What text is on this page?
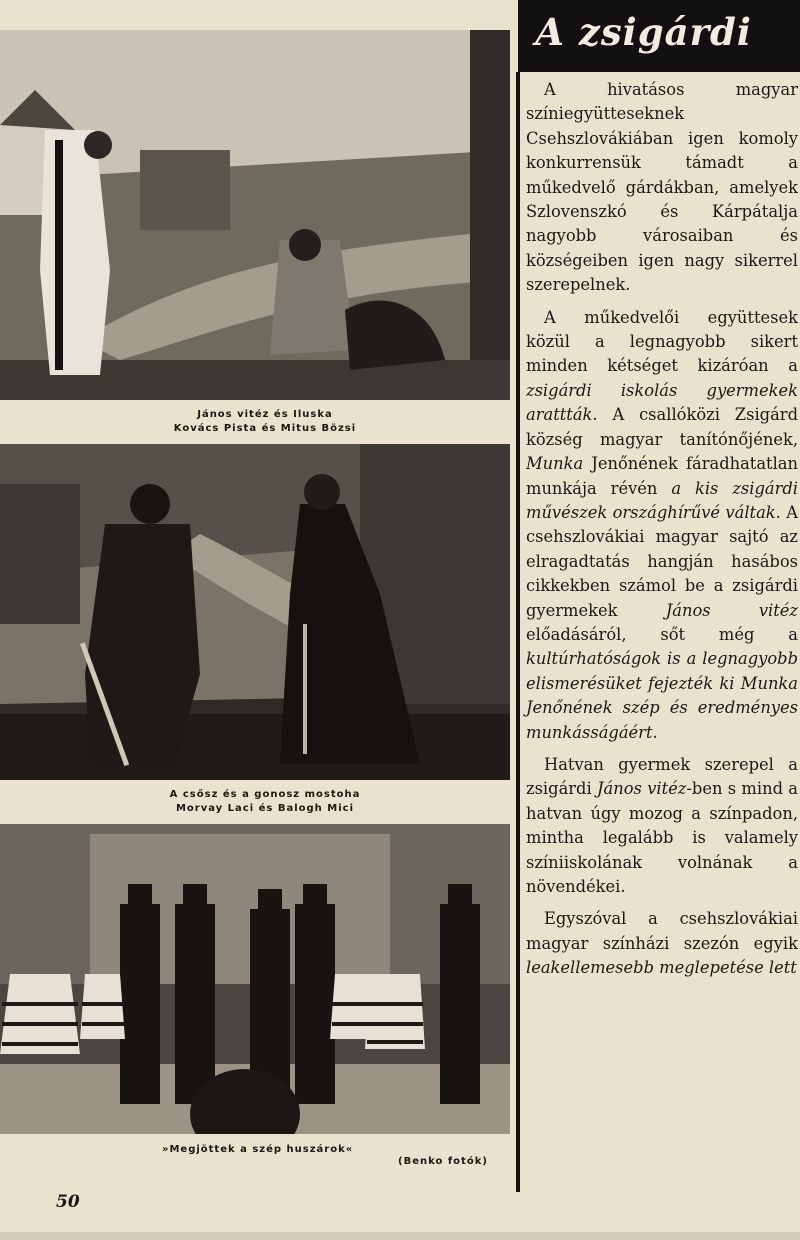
János vitéz és Iluska
Kovács Pista és Mitus Bözsi
A csősz és a gonosz mostoha
Morvay Laci és Balogh Mici
»Megjöttek a szép huszárok«
(Benko fotók)
A zsigárdi

A hivatásos magyar színiegyütteseknek Csehszlovákiában igen komoly konkurrensük támadt a műkedvelő gárdákban, amelyek Szlovenszkó és Kárpátalja nagyobb városaiban és községeiben igen nagy sikerrel szerepelnek.

A műkedvelői együttesek közül a legnagyobb sikert minden kétséget kizáróan a zsigárdi iskolás gyermekek arattták. A csallóközi Zsigárd község magyar tanítónőjének, Munka Jenőnének fáradhatatlan munkája révén a kis zsigárdi művészek országhírűvé váltak. A csehszlovákiai magyar sajtó az elragadtatás hangján hasábos cikkekben számol be a zsigárdi gyermekek János vitéz előadásáról, sőt még a kultúrhatóságok is a legnagyobb elismerésüket fejezték ki Munka Jenőnének szép és eredményes munkásságáért.

Hatvan gyermek szerepel a zsigárdi János vitéz-ben s mind a hatvan úgy mozog a színpadon, mintha legalább is valamely színiiskolának volnának a növendékei.

Egyszóval a csehszlovákiai magyar színházi szezón egyik leakellemesebb meglepetése lett

50
